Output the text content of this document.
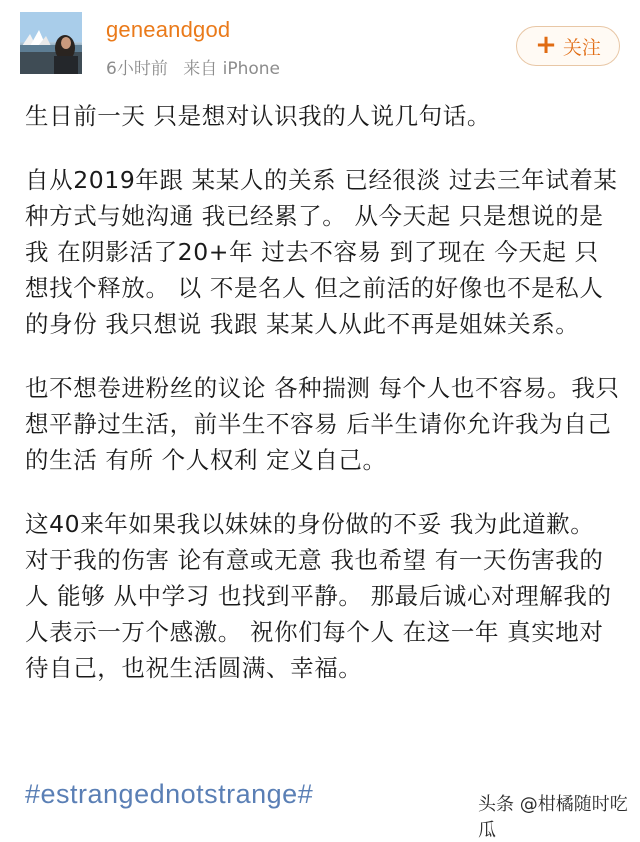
geneandgod
6小时前 来自 iPhone
+ 关注

生日前一天 只是想对认识我的人说几句话。

自从2019年跟 某某人的关系 已经很淡 过去三年试着某种方式与她沟通 我已经累了。 从今天起 只是想说的是 我 在阴影活了20+年 过去不容易 到了现在 今天起 只想找个释放。 以 不是名人 但之前活的好像也不是私人的身份 我只想说 我跟 某某人从此不再是姐妹关系。

也不想卷进粉丝的议论 各种揣测 每个人也不容易。我只想平静过生活，前半生不容易 后半生请你允许我为自己的生活 有所 个人权利 定义自己。

这40来年如果我以妹妹的身份做的不妥 我为此道歉。 对于我的伤害 论有意或无意 我也希望 有一天伤害我的人 能够 从中学习 也找到平静。 那最后诚心对理解我的人表示一万个感激。 祝你们每个人 在这一年 真实地对待自己，也祝生活圆满、幸福。

#estrangednotstrange#	头条 @柑橘随时吃瓜
